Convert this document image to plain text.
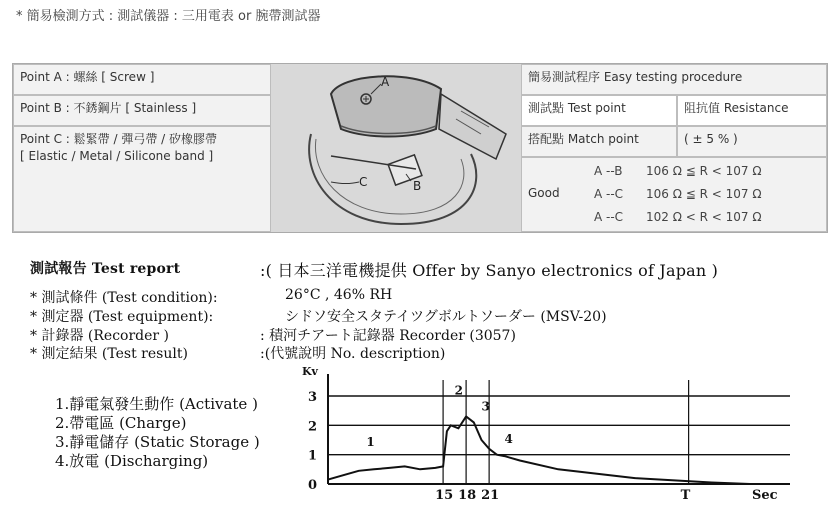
* 簡易檢測方式 : 測試儀器 : 三用電表 or 腕帶測試器
Point A : 螺絲 [ Screw ]
Point B : 不銹鋼片 [ Stainless ]
Point C : 鬆緊帶 / 彈弓帶 / 矽橡膠帶
[ Elastic / Metal / Silicone band ]
A
B
C
簡易測試程序 Easy testing procedure
測試點 Test point	阻抗值 Resistance
搭配點 Match point	( ± 5 % )
Good
A --B 106 Ω ≦ R < 107 Ω
A --C 106 Ω ≦ R < 107 Ω
A --C 102 Ω < R < 107 Ω
測試報告 Test report	:( 日本三洋電機提供 Offer by Sanyo electronics of Japan )
* 測試條件 (Test condition):	26°C , 46% RH
* 測定器 (Test equipment):	シドソ安全スタテイツグボルトソーダー (MSV-20)
* 計錄器 (Recorder )	: 積河チアート記錄器 Recorder (3057)
* 測定結果 (Test result)	:(代號說明 No. description)
1.靜電氣發生動作 (Activate )
2.帶電區 (Charge)
3.靜電儲存 (Static Storage )
4.放電 (Discharging)
0
1
2
3
Kv
15 18 21	T	Sec
1
2
3
4
